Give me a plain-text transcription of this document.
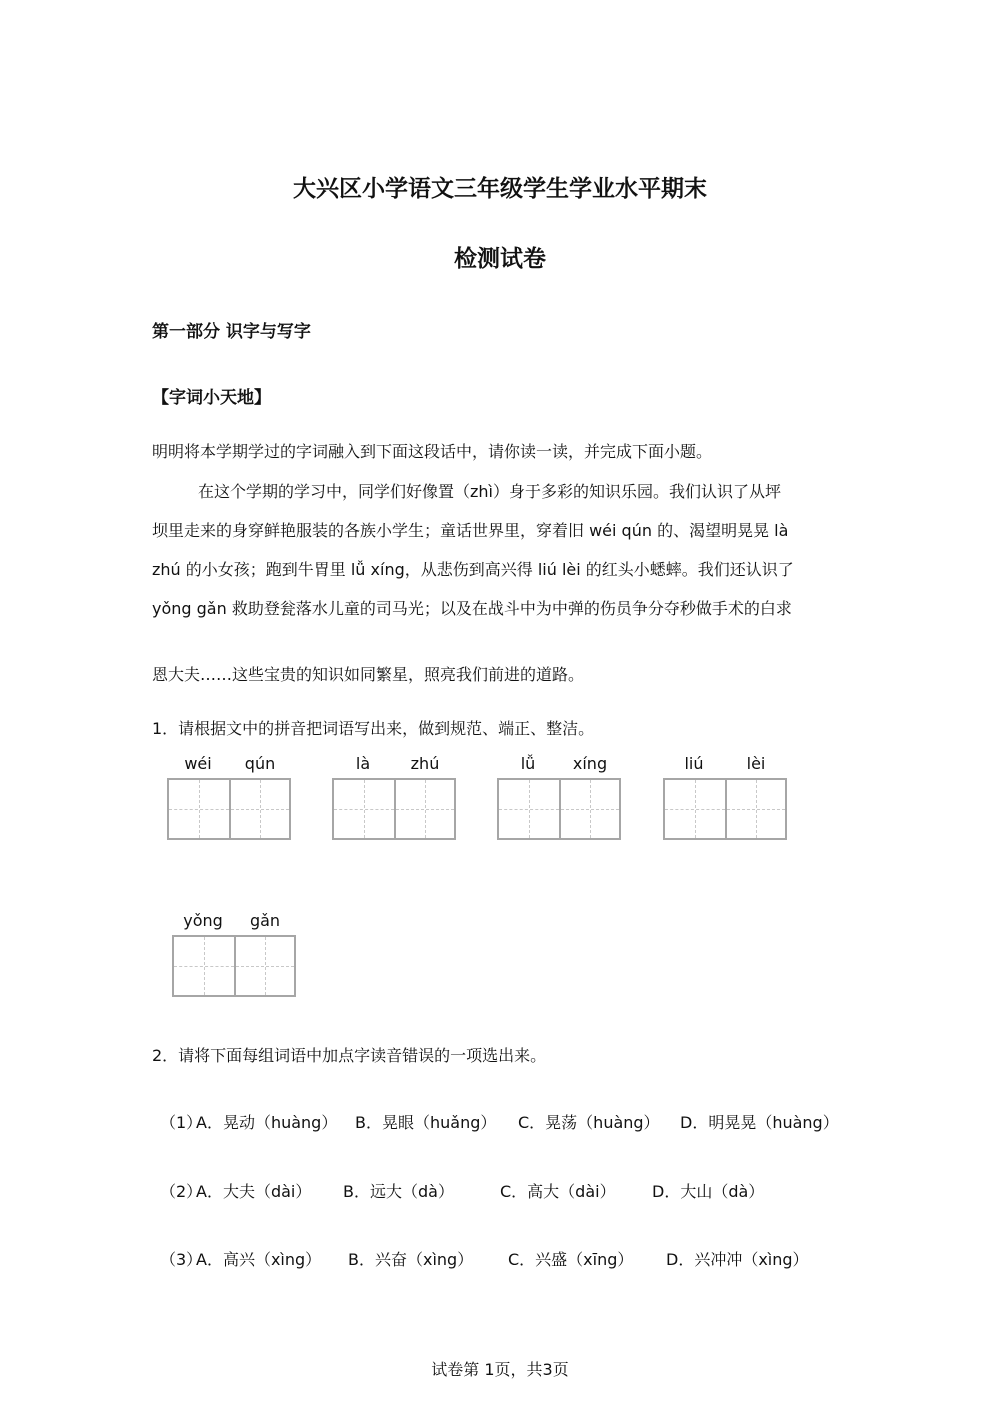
大兴区小学语文三年级学生学业水平期末
检测试卷
第一部分 识字与写字
【字词小天地】
明明将本学期学过的字词融入到下面这段话中，请你读一读，并完成下面小题。
在这个学期的学习中，同学们好像置（zhì）身于多彩的知识乐园。我们认识了从坪
坝里走来的身穿鲜艳服装的各族小学生；童话世界里，穿着旧 wéi qún 的、渴望明晃晃 là
zhú 的小女孩；跑到牛胃里 lǚ xíng，从悲伤到高兴得 liú lèi 的红头小蟋蟀。我们还认识了
yǒng gǎn 救助登瓮落水儿童的司马光；以及在战斗中为中弹的伤员争分夺秒做手术的白求
恩大夫……这些宝贵的知识如同繁星，照亮我们前进的道路。
1．请根据文中的拼音把词语写出来，做到规范、端正、整洁。
wéi	qún	là	zhú	lǚ	xíng	liú	lèi
yǒng	gǎn
2．请将下面每组词语中加点字读音错误的一项选出来。
（1）
A．晃动（huàng） B．晃眼（huǎng） C．晃荡（huàng） D．明晃晃（huàng）
（2）
A．大夫（dài） B．远大（dà）	C．高大（dài） D．大山（dà）
（3）
A．高兴（xìng） B．兴奋（xìng） C．兴盛（xīng） D．兴冲冲（xìng）
试卷第 1页，共3页
